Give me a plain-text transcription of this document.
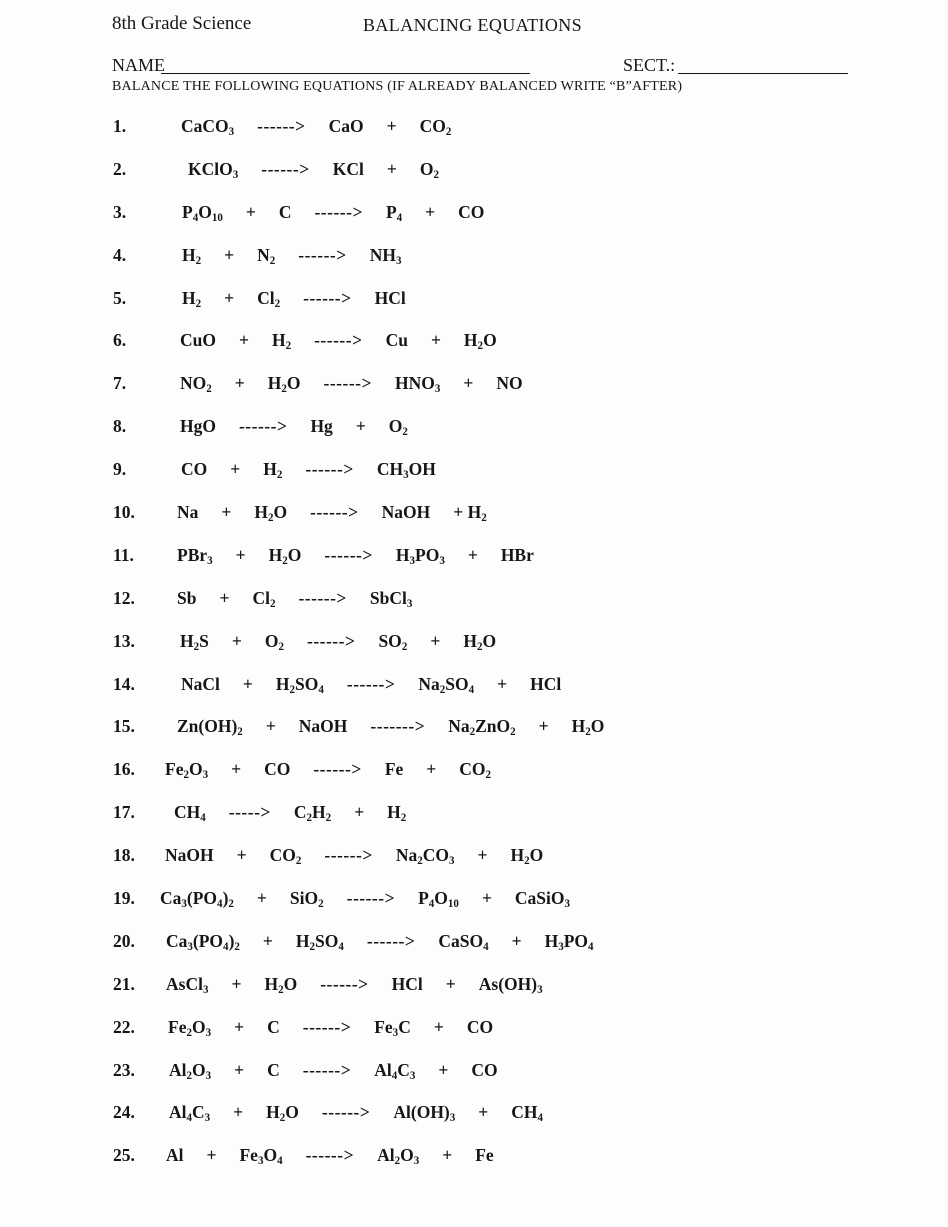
8th Grade Science	BALANCING EQUATIONS
NAME	SECT.:
BALANCE THE FOLLOWING EQUATIONS (IF ALREADY BALANCED WRITE “B”AFTER)
1.	CaCO$_3$ ------> CaO + $CO_2$
2.	KClO$_3$ ------> KCl + $O_2$
3.	$P_4O_{10} + C$ ------> $P_4$ + CO
4.	$H_2 + N_2$ ------> $NH_3$
5.	$H_2 + Cl_2$ ------> HCl
6.	CuO + $H_2$ ------> $Cu + H_2O$
7.	$NO_2 + H_2O$ ------> $HNO_3$ + NO
8.	HgO ------> $Hg + O_2$
9.	CO + $H_2$ ------> $CH_3OH$
10.	$Na + H_2O$ ------> NaOH + $H_2$
11.	$PBr_3 + H_2O$ ------> $H_3PO_3$ + HBr
12.	$Sb + Cl_2$ ------> SbCl$_3$
13.	$H_2S + O_2$ ------> $SO_2 + H_2O$
14.	NaCl + $H_2SO_4$ ------> $Na_2SO_4$ + HCl
15.	$Zn(OH)_2$ + NaOH -------> $Na_2ZnO_2 + H_2O$
16.	$Fe_2O_3$ + CO ------> $Fe + CO_2$
17.	$CH_4$ -----> $C_2H_2 + H_2$
18.	NaOH + $CO_2$ ------> $Na_2CO_3 + H_2O$
19.	$Ca_3(PO_4)_2 + SiO_2$ ------> $P_4O_{10}$ + CaSiO$_3$
20.	$Ca_3(PO_4)_2 + H_2SO_4$ ------> CaSO$_4$ + $H_3PO_4$
21.	AsCl$_3$ + $H_2O$ ------> HCl + $As(OH)_3$
22.	$Fe_2O_3 + C$ ------> $Fe_3C$ + CO
23.	$Al_2O_3 + C$ ------> $Al_4C_3$ + CO
24.	$Al_4C_3 + H_2O$ ------> $Al(OH)_3 + CH_4$
25.	$Al + Fe_3O_4$ ------> $Al_2O_3 + Fe$
